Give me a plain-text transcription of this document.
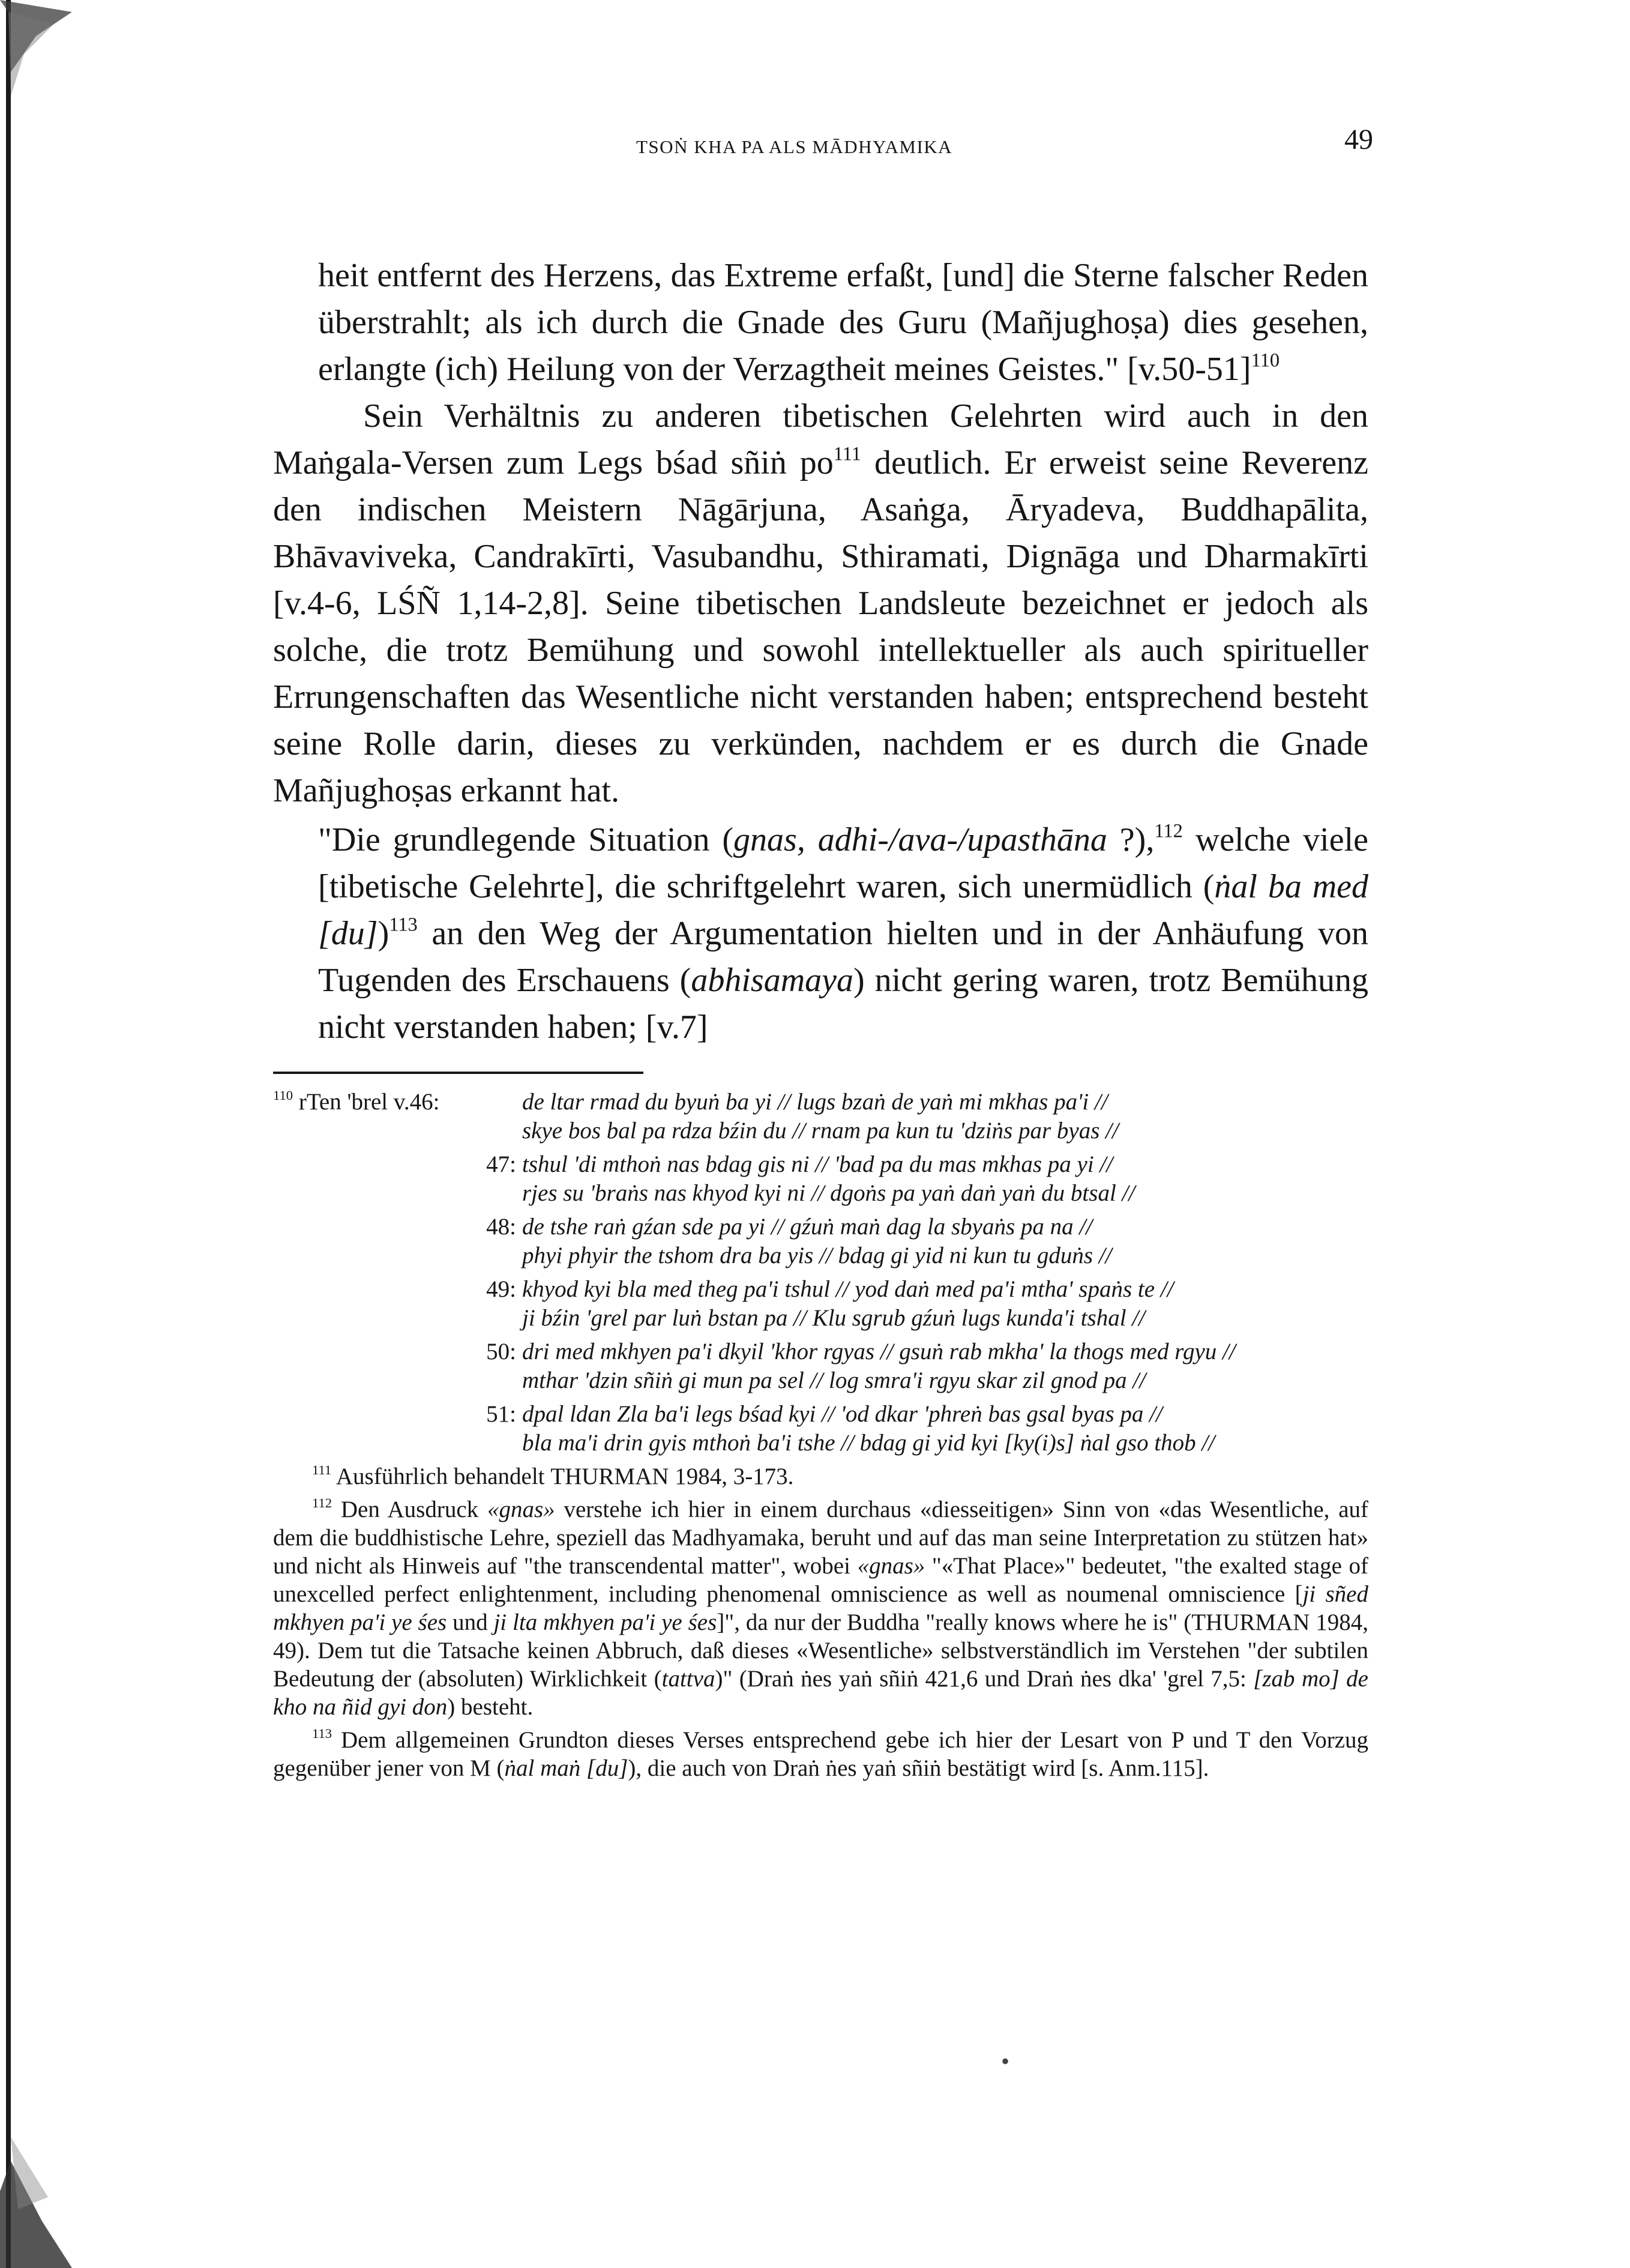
TSOṄ KHA PA ALS MĀDHYAMIKA	49

heit entfernt des Herzens, das Extreme erfaßt, [und] die Sterne falscher Reden überstrahlt; als ich durch die Gnade des Guru (Mañjughoṣa) dies gesehen, erlangte (ich) Heilung von der Verzagtheit meines Geistes." $[v.50-51]^{110}$

Sein Verhältnis zu anderen tibetischen Gelehrten wird auch in den Maṅgala-Versen zum Legs bśad sñiṅ $po^{111}$ deutlich. Er erweist seine Reverenz den indischen Meistern Nāgārjuna, Asaṅga, Āryadeva, Buddhapālita, Bhāvaviveka, Candrakīrti, Vasubandhu, Sthiramati, Dignāga und Dharmakīrti [v.4-6, LŚÑ 1,14-2,8]. Seine tibetischen Landsleute bezeichnet er jedoch als solche, die trotz Bemühung und sowohl intellektueller als auch spiritueller Errungenschaften das Wesentliche nicht verstanden haben; entsprechend besteht seine Rolle darin, dieses zu verkünden, nachdem er es durch die Gnade Mañjughoṣas erkannt hat.

"Die grundlegende Situation (gnas, adhi-/ava-/upasthāna ?),$^{112}$ welche viele [tibetische Gelehrte], die schriftgelehrt waren, sich unermüdlich (ṅal ba med [du])$^{113}$ an den Weg der Argumentation hielten und in der Anhäufung von Tugenden des Erschauens (abhisamaya) nicht gering waren, trotz Bemühung nicht verstanden haben; [v.7]

$^{110}$ rTen 'brel v.46:	de ltar rmad du byuṅ ba yi // lugs bzaṅ de yaṅ mi mkhas pa'i //
skye bos bal pa rdza bźin du // rnam pa kun tu 'dziṅs par byas //
47: tshul 'di mthoṅ nas bdag gis ni // 'bad pa du mas mkhas pa yi //
rjes su 'braṅs nas khyod kyi ni // dgoṅs pa yaṅ daṅ yaṅ du btsal //
48: de tshe raṅ gźan sde pa yi // gźuṅ maṅ dag la sbyaṅs pa na //
phyi phyir the tshom dra ba yis // bdag gi yid ni kun tu gduṅs //
49: khyod kyi bla med theg pa'i tshul // yod daṅ med pa'i mtha' spaṅs te //
ji bźin 'grel par luṅ bstan pa // Klu sgrub gźuṅ lugs kunda'i tshal //
50: dri med mkhyen pa'i dkyil 'khor rgyas // gsuṅ rab mkha' la thogs med rgyu //
mthar 'dzin sñiṅ gi mun pa sel // log smra'i rgyu skar zil gnod pa //
51: dpal ldan Zla ba'i legs bśad kyi // 'od dkar 'phreṅ bas gsal byas pa //
bla ma'i drin gyis mthoṅ ba'i tshe // bdag gi yid kyi [ky(i)s] ṅal gso thob //
$^{111}$ Ausführlich behandelt THURMAN 1984, 3-173.
$^{112}$ Den Ausdruck «gnas» verstehe ich hier in einem durchaus «diesseitigen» Sinn von «das Wesentliche, auf dem die buddhistische Lehre, speziell das Madhyamaka, beruht und auf das man seine Interpretation zu stützen hat» und nicht als Hinweis auf "the transcendental matter", wobei «gnas» "«That Place»" bedeutet, "the exalted stage of unexcelled perfect enlightenment, including phenomenal omniscience as well as noumenal omniscience [ji sñed mkhyen pa'i ye śes und ji lta mkhyen pa'i ye śes]", da nur der Buddha "really knows where he is" (THURMAN 1984, 49). Dem tut die Tatsache keinen Abbruch, daß dieses «Wesentliche» selbstverständlich im Verstehen "der subtilen Bedeutung der (absoluten) Wirklichkeit (tattva)" (Draṅ ṅes yaṅ sñiṅ 421,6 und Draṅ ṅes dka' 'grel 7,5: [zab mo] de kho na ñid gyi don) besteht.
$^{113}$ Dem allgemeinen Grundton dieses Verses entsprechend gebe ich hier der Lesart von P und T den Vorzug gegenüber jener von M (ṅal maṅ [du]), die auch von Draṅ ṅes yaṅ sñiṅ bestätigt wird [s. Anm.115].
•
